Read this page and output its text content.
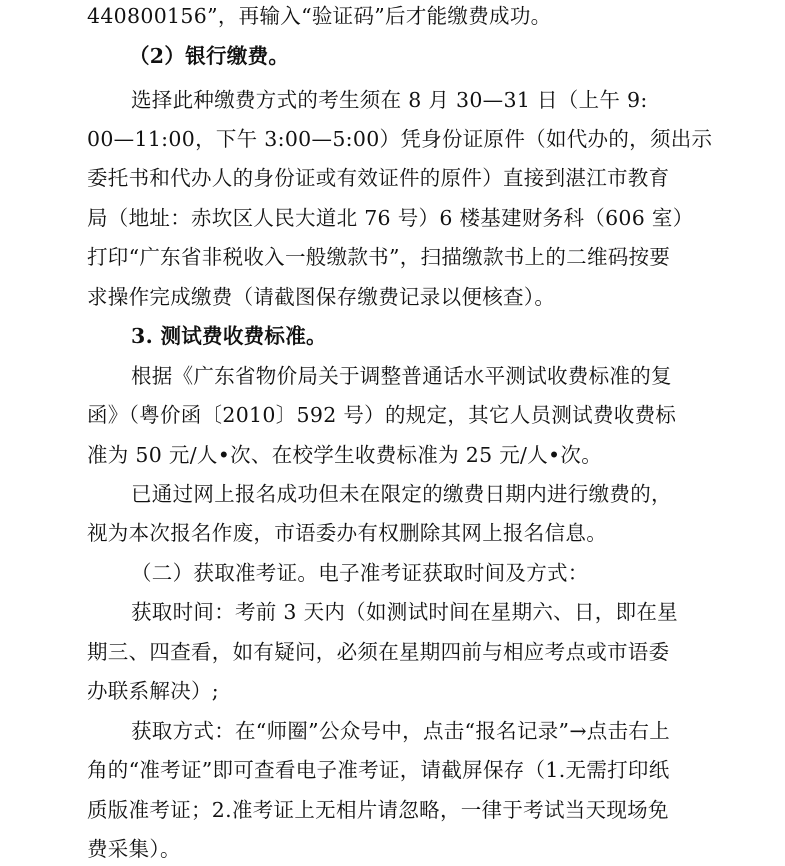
440800156”，再输入“验证码”后才能缴费成功。
（2）银行缴费。
选择此种缴费方式的考生须在 8 月 30—31 日（上午 9:
00—11:00，下午 3:00—5:00）凭身份证原件（如代办的，须出示
委托书和代办人的身份证或有效证件的原件）直接到湛江市教育
局（地址：赤坎区人民大道北 76 号）6 楼基建财务科（606 室）
打印“广东省非税收入一般缴款书”，扫描缴款书上的二维码按要
求操作完成缴费（请截图保存缴费记录以便核查）。
3. 测试费收费标准。
根据《广东省物价局关于调整普通话水平测试收费标准的复
函》（粤价函〔2010〕592 号）的规定，其它人员测试费收费标
准为 50 元/人•次、在校学生收费标准为 25 元/人•次。
已通过网上报名成功但未在限定的缴费日期内进行缴费的，
视为本次报名作废，市语委办有权删除其网上报名信息。
（二）获取准考证。电子准考证获取时间及方式：
获取时间：考前 3 天内（如测试时间在星期六、日，即在星
期三、四查看，如有疑问，必须在星期四前与相应考点或市语委
办联系解决）;
获取方式：在“师圈”公众号中，点击“报名记录”→点击右上
角的“准考证”即可查看电子准考证，请截屏保存（1.无需打印纸
质版准考证；2.准考证上无相片请忽略，一律于考试当天现场免
费采集）。
